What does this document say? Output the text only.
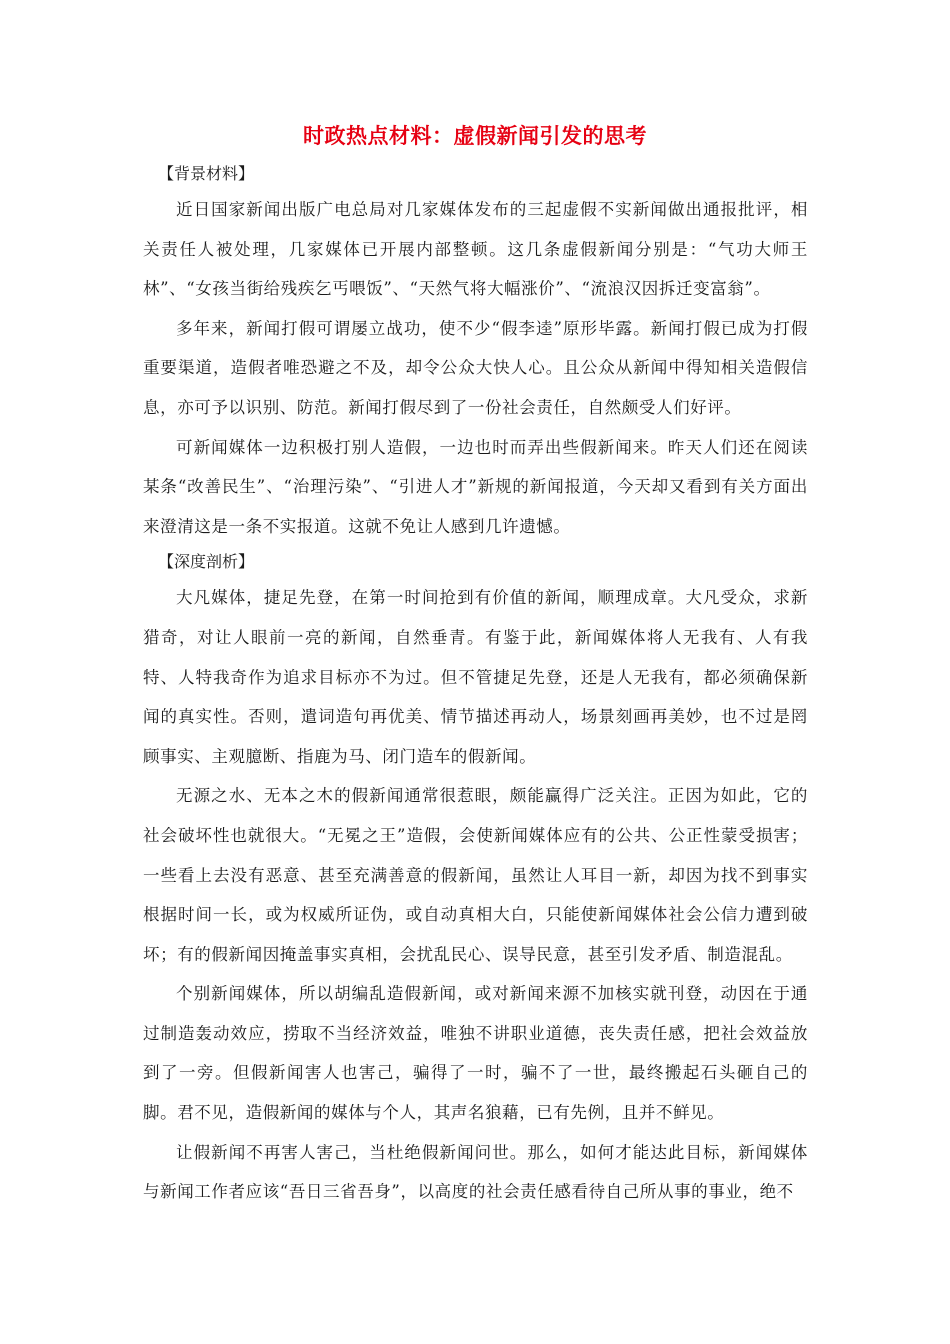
时政热点材料：虚假新闻引发的思考

【背景材料】

近日国家新闻出版广电总局对几家媒体发布的三起虚假不实新闻做出通报批评，相关责任人被处理，几家媒体已开展内部整顿。这几条虚假新闻分别是：“气功大师王林”、“女孩当街给残疾乞丐喂饭”、“天然气将大幅涨价”、“流浪汉因拆迁变富翁”。

多年来，新闻打假可谓屡立战功，使不少“假李逵”原形毕露。新闻打假已成为打假重要渠道，造假者唯恐避之不及，却令公众大快人心。且公众从新闻中得知相关造假信息，亦可予以识别、防范。新闻打假尽到了一份社会责任，自然颇受人们好评。

可新闻媒体一边积极打别人造假，一边也时而弄出些假新闻来。昨天人们还在阅读某条“改善民生”、“治理污染”、“引进人才”新规的新闻报道，今天却又看到有关方面出来澄清这是一条不实报道。这就不免让人感到几许遗憾。

【深度剖析】

大凡媒体，捷足先登，在第一时间抢到有价值的新闻，顺理成章。大凡受众，求新猎奇，对让人眼前一亮的新闻，自然垂青。有鉴于此，新闻媒体将人无我有、人有我特、人特我奇作为追求目标亦不为过。但不管捷足先登，还是人无我有，都必须确保新闻的真实性。否则，遣词造句再优美、情节描述再动人，场景刻画再美妙，也不过是罔顾事实、主观臆断、指鹿为马、闭门造车的假新闻。

无源之水、无本之木的假新闻通常很惹眼，颇能赢得广泛关注。正因为如此，它的社会破坏性也就很大。“无冕之王”造假，会使新闻媒体应有的公共、公正性蒙受损害；一些看上去没有恶意、甚至充满善意的假新闻，虽然让人耳目一新，却因为找不到事实根据时间一长，或为权威所证伪，或自动真相大白，只能使新闻媒体社会公信力遭到破坏；有的假新闻因掩盖事实真相，会扰乱民心、误导民意，甚至引发矛盾、制造混乱。

个别新闻媒体，所以胡编乱造假新闻，或对新闻来源不加核实就刊登，动因在于通过制造轰动效应，捞取不当经济效益，唯独不讲职业道德，丧失责任感，把社会效益放到了一旁。但假新闻害人也害己，骗得了一时，骗不了一世，最终搬起石头砸自己的脚。君不见，造假新闻的媒体与个人，其声名狼藉，已有先例，且并不鲜见。

让假新闻不再害人害己，当杜绝假新闻问世。那么，如何才能达此目标，新闻媒体与新闻工作者应该“吾日三省吾身”，以高度的社会责任感看待自己所从事的事业，绝不
